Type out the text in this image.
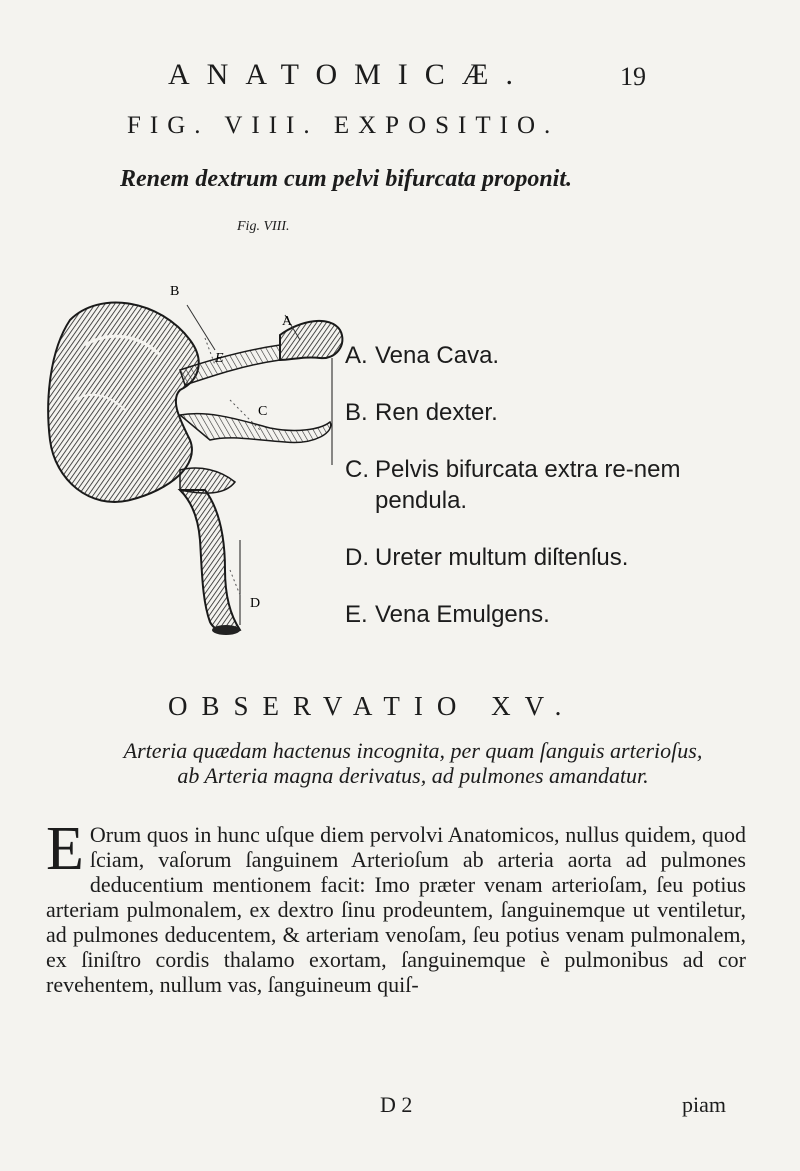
ANATOMICÆ.	19
FIG. VIII. EXPOSITIO.
Renem dextrum cum pelvi bifurcata proponit.
Fig. VIII.
B
A
E
C
D
A. Vena Cava.
B. Ren dexter.
C. Pelvis bifurcata extra re-nem pendula.
D. Ureter multum diſtenſus.
E. Vena Emulgens.
OBSERVATIO XV.
Arteria quædam hactenus incognita, per quam ſanguis arterioſus, ab Arteria magna derivatus, ad pulmones amandatur.
E Orum quos in hunc uſque diem pervolvi Anatomicos, nullus quidem, quod ſciam, vaſorum ſanguinem Arterioſum ab arteria aorta ad pulmones deducentium mentionem facit: Imo præter venam arterioſam, ſeu potius arteriam pulmonalem, ex dextro ſinu prodeuntem, ſanguinemque ut ventiletur, ad pulmones deducentem, & arteriam venoſam, ſeu potius venam pulmonalem, ex ſiniſtro cordis thalamo exortam, ſanguinemque è pulmonibus ad cor revehentem, nullum vas, ſanguineum quiſ-
D 2	piam
